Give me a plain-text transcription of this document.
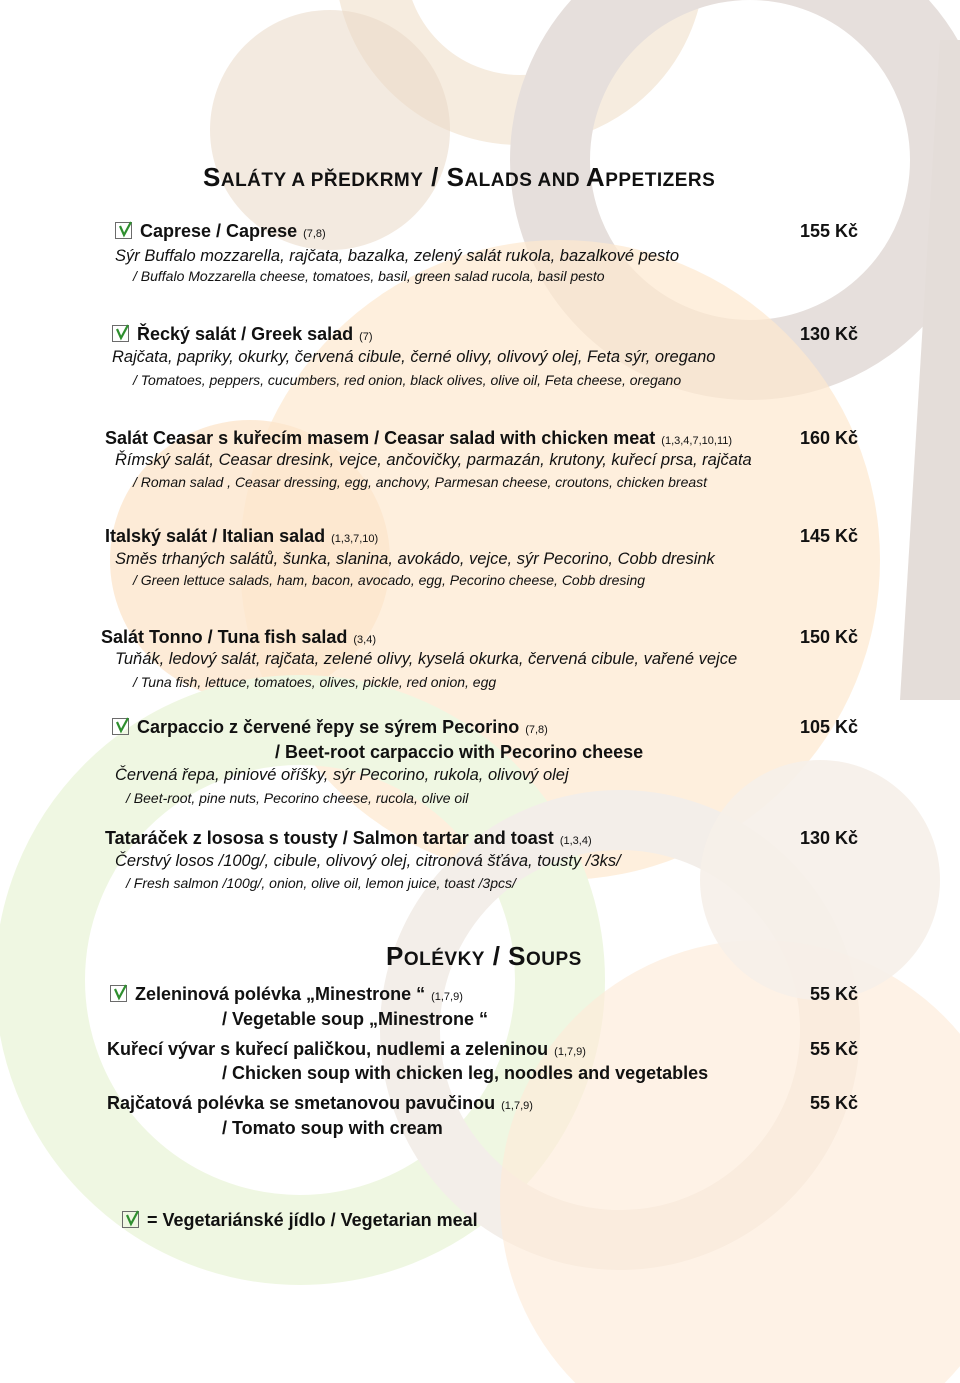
SALÁTY A PŘEDKRMY / SALADS AND APPETIZERS
Caprese / Caprese (7,8)
Sýr Buffalo mozzarella, rajčata, bazalka, zelený salát rukola, bazalkové pesto
/ Buffalo Mozzarella cheese, tomatoes, basil, green salad rucola, basil pesto
155 Kč
Řecký salát / Greek salad (7)
Rajčata, papriky, okurky, červená cibule, černé olivy, olivový olej, Feta sýr, oregano
/ Tomatoes, peppers, cucumbers, red onion, black olives, olive oil, Feta cheese, oregano
130 Kč
Salát Ceasar s kuřecím masem / Ceasar salad with chicken meat (1,3,4,7,10,11)
Římský salát, Ceasar dresink, vejce, ančovičky, parmazán, krutony, kuřecí prsa, rajčata
/ Roman salad , Ceasar dressing, egg, anchovy, Parmesan cheese, croutons, chicken breast
160 Kč
Italský salát / Italian salad (1,3,7,10)
Směs trhaných salátů, šunka, slanina, avokádo, vejce, sýr Pecorino, Cobb dresink
/ Green lettuce salads, ham, bacon, avocado, egg, Pecorino cheese, Cobb dresing
145 Kč
Salát Tonno / Tuna fish salad (3,4)
Tuňák, ledový salát, rajčata, zelené olivy, kyselá okurka, červená cibule, vařené vejce
/ Tuna fish, lettuce, tomatoes, olives, pickle, red onion, egg
150 Kč
Carpaccio z červené řepy se sýrem Pecorino (7,8)
/ Beet-root carpaccio with Pecorino cheese
Červená řepa, piniové oříšky, sýr Pecorino, rukola, olivový olej
/ Beet-root, pine nuts, Pecorino cheese, rucola, olive oil
105 Kč
Tataráček z lososa s tousty / Salmon tartar and toast (1,3,4)
Čerstvý losos /100g/, cibule, olivový olej, citronová šťáva, tousty /3ks/
/ Fresh salmon /100g/, onion, olive oil, lemon juice, toast /3pcs/
130 Kč
POLÉVKY / SOUPS
Zeleninová polévka „Minestrone “ (1,7,9)
/ Vegetable soup „Minestrone “
55 Kč
Kuřecí vývar s kuřecí paličkou, nudlemi a zeleninou (1,7,9)
/ Chicken soup with chicken leg, noodles and vegetables
55 Kč
Rajčatová polévka se smetanovou pavučinou (1,7,9)
/ Tomato soup with cream
55 Kč
= Vegetariánské jídlo / Vegetarian meal
